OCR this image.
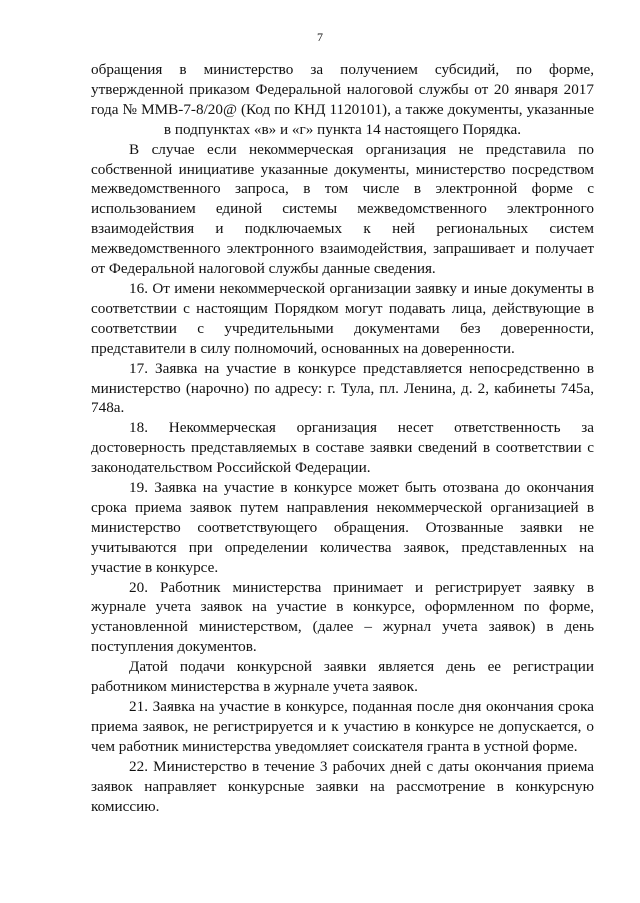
7

обращения в министерство за получением субсидий, по форме, утвержденной приказом Федеральной налоговой службы от 20 января 2017 года № ММВ-7-8/20@ (Код по КНД 1120101), а также документы, указанные в подпунктах «в» и «г» пункта 14 настоящего Порядка.

В случае если некоммерческая организация не представила по собственной инициативе указанные документы, министерство посредством межведомственного запроса, в том числе в электронной форме с использованием единой системы межведомственного электронного взаимодействия и подключаемых к ней региональных систем межведомственного электронного взаимодействия, запрашивает и получает от Федеральной налоговой службы данные сведения.

16. От имени некоммерческой организации заявку и иные документы в соответствии с настоящим Порядком могут подавать лица, действующие в соответствии с учредительными документами без доверенности, представители в силу полномочий, основанных на доверенности.

17. Заявка на участие в конкурсе представляется непосредственно в министерство (нарочно) по адресу: г. Тула, пл. Ленина, д. 2, кабинеты 745а, 748а.

18. Некоммерческая организация несет ответственность за достоверность представляемых в составе заявки сведений в соответствии с законодательством Российской Федерации.

19. Заявка на участие в конкурсе может быть отозвана до окончания срока приема заявок путем направления некоммерческой организацией в министерство соответствующего обращения. Отозванные заявки не учитываются при определении количества заявок, представленных на участие в конкурсе.

20. Работник министерства принимает и регистрирует заявку в журнале учета заявок на участие в конкурсе, оформленном по форме, установленной министерством, (далее – журнал учета заявок) в день поступления документов.

Датой подачи конкурсной заявки является день ее регистрации работником министерства в журнале учета заявок.

21. Заявка на участие в конкурсе, поданная после дня окончания срока приема заявок, не регистрируется и к участию в конкурсе не допускается, о чем работник министерства уведомляет соискателя гранта в устной форме.

22. Министерство в течение 3 рабочих дней с даты окончания приема заявок направляет конкурсные заявки на рассмотрение в конкурсную комиссию.
